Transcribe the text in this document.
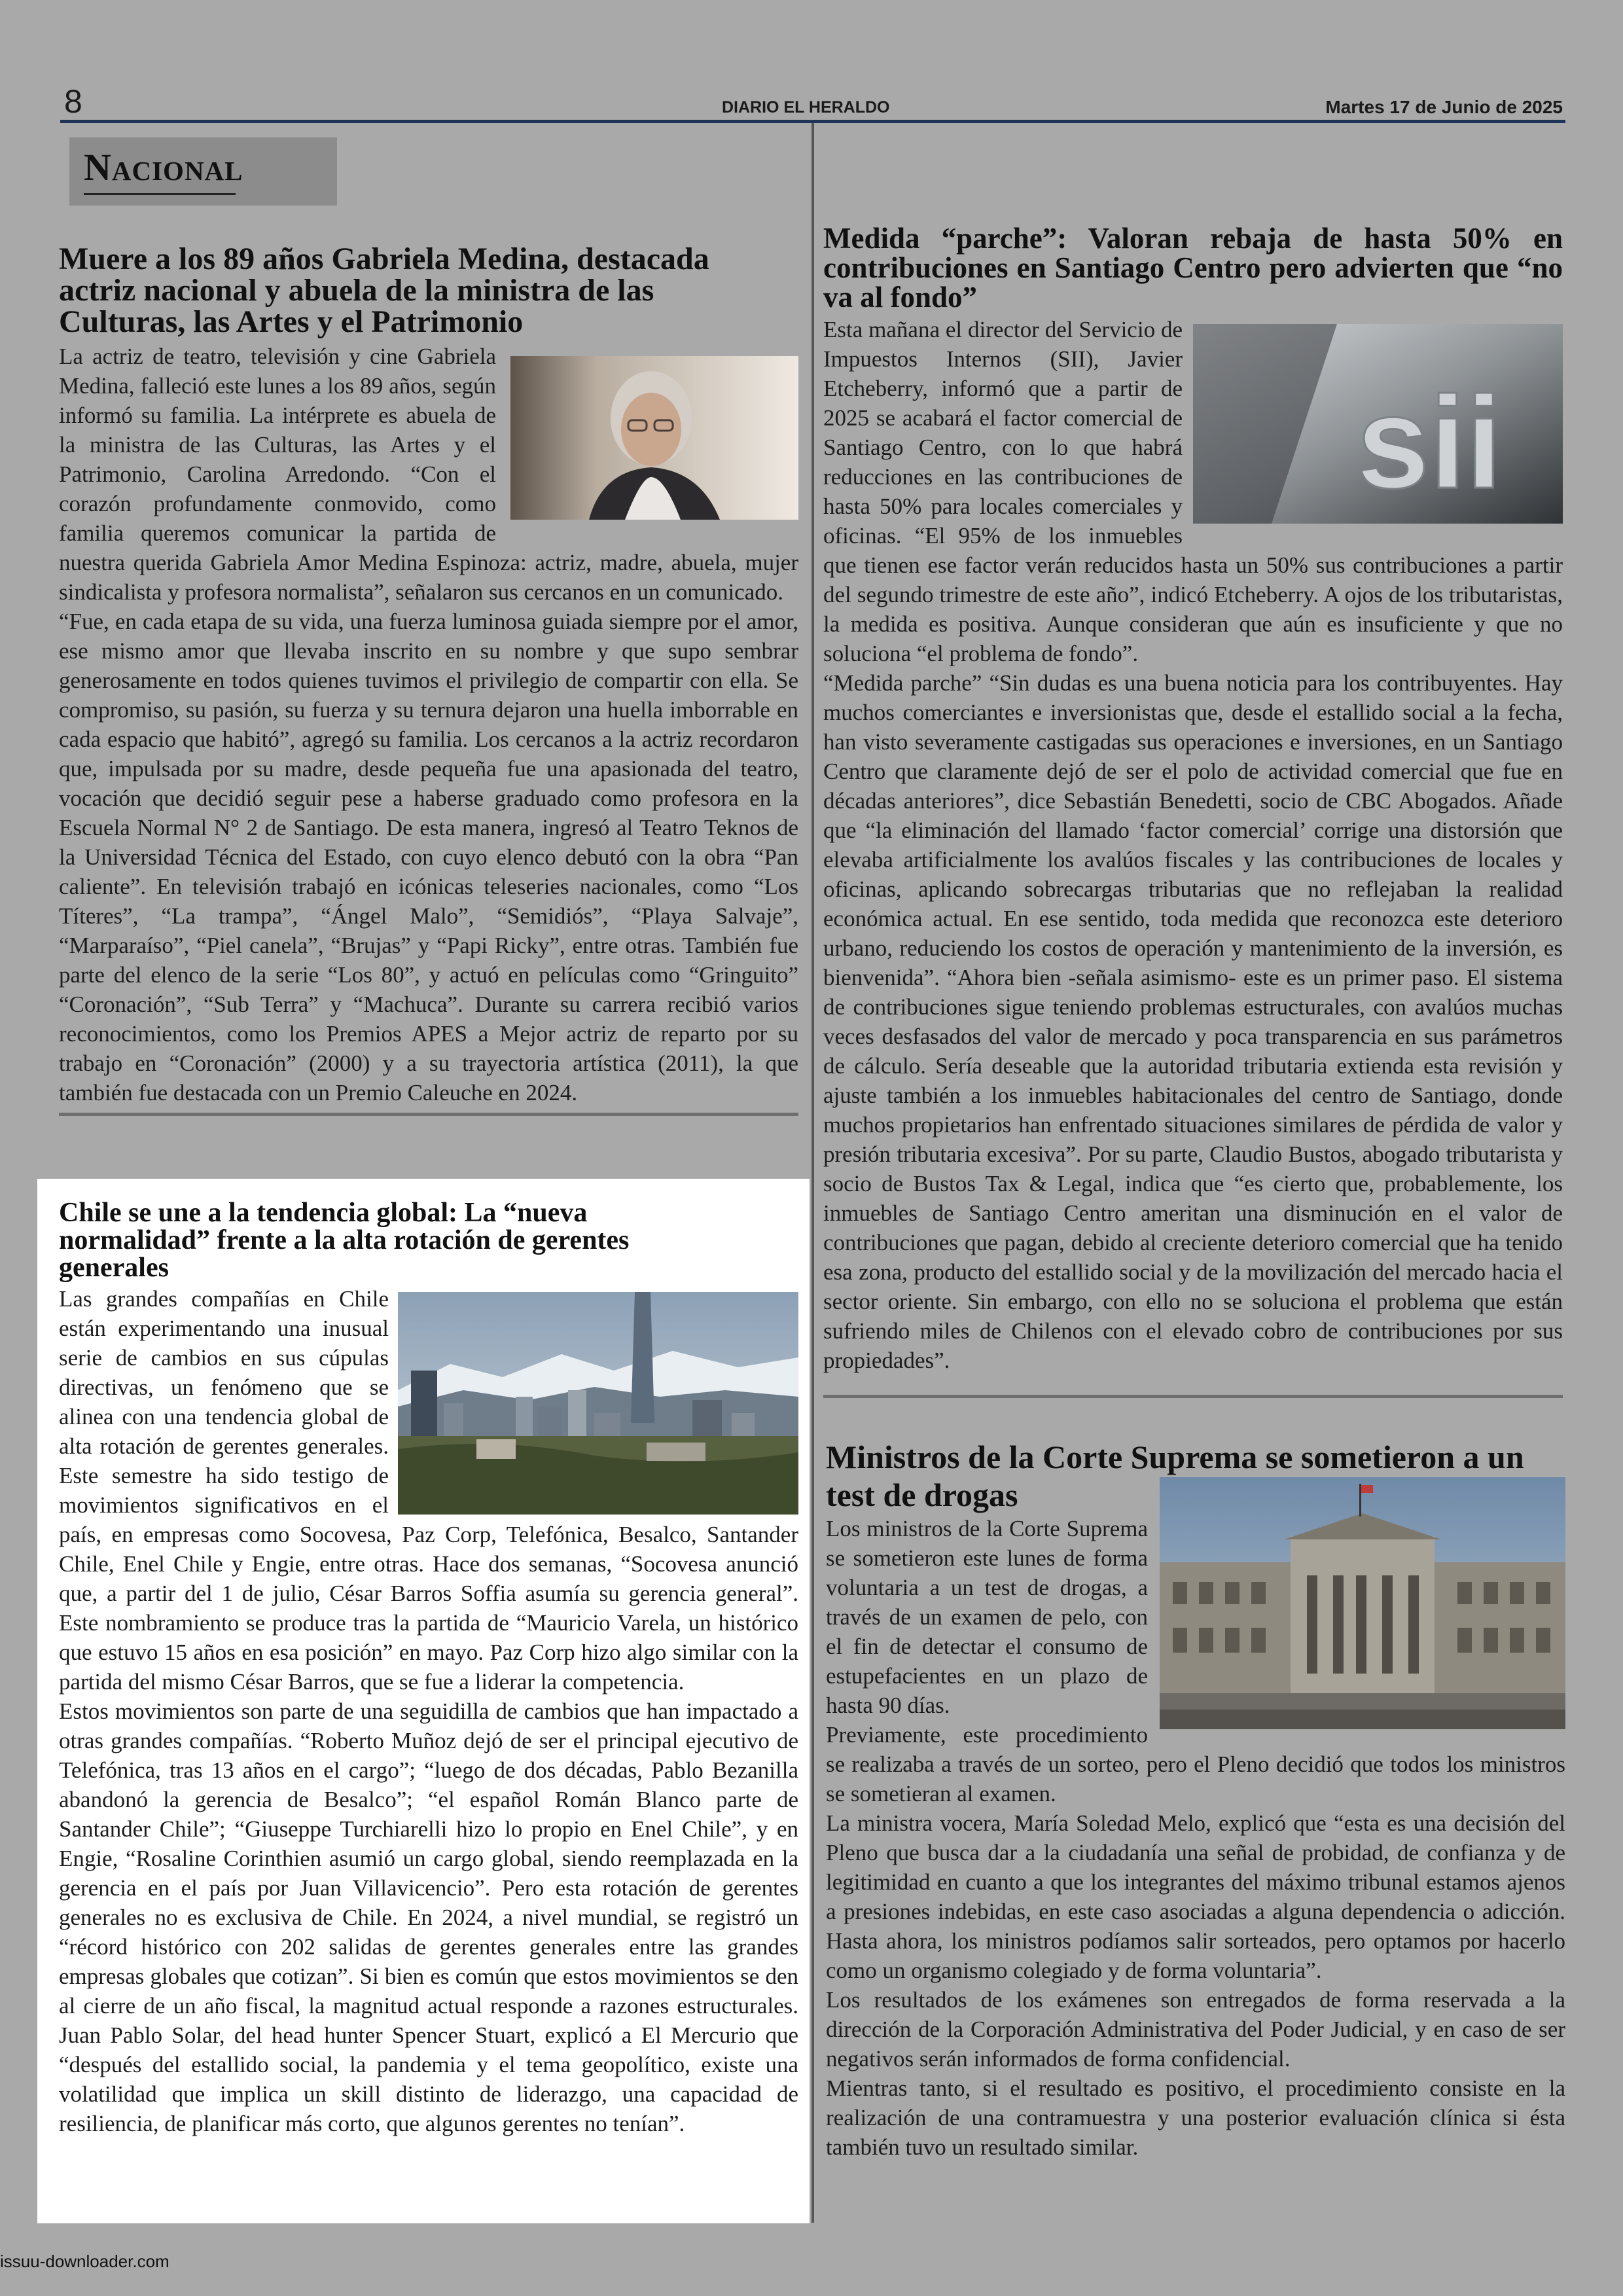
8	DIARIO EL HERALDO	Martes 17 de Junio de 2025
Nacional
Muere a los 89 años Gabriela Medina, destacada actriz nacional y abuela de la ministra de las Culturas, las Artes y el Patrimonio

La actriz de teatro, televisión y cine Gabriela Medina, falleció este lunes a los 89 años, según informó su familia. La intérprete es abuela de la ministra de las Culturas, las Artes y el Patrimonio, Carolina Arredondo. “Con el corazón profundamente conmovido, como familia queremos comunicar la partida de nuestra querida Gabriela Amor Medina Espinoza: actriz, madre, abuela, mujer sindicalista y profesora normalista”, señalaron sus cercanos en un comunicado.

“Fue, en cada etapa de su vida, una fuerza luminosa guiada siempre por el amor, ese mismo amor que llevaba inscrito en su nombre y que supo sembrar generosamente en todos quienes tuvimos el privilegio de compartir con ella. Se compromiso, su pasión, su fuerza y su ternura dejaron una huella imborrable en cada espacio que habitó”, agregó su familia. Los cercanos a la actriz recordaron que, impulsada por su madre, desde pequeña fue una apasionada del teatro, vocación que decidió seguir pese a haberse graduado como profesora en la Escuela Normal N° 2 de Santiago. De esta manera, ingresó al Teatro Teknos de la Universidad Técnica del Estado, con cuyo elenco debutó con la obra “Pan caliente”. En televisión trabajó en icónicas teleseries nacionales, como “Los Títeres”, “La trampa”, “Ángel Malo”, “Semidiós”, “Playa Salvaje”, “Marparaíso”, “Piel canela”, “Brujas” y “Papi Ricky”, entre otras. También fue parte del elenco de la serie “Los 80”, y actuó en películas como “Gringuito” “Coronación”, “Sub Terra” y “Machuca”. Durante su carrera recibió varios reconocimientos, como los Premios APES a Mejor actriz de reparto por su trabajo en “Coronación” (2000) y a su trayectoria artística (2011), la que también fue destacada con un Premio Caleuche en 2024.

Chile se une a la tendencia global: La “nueva normalidad” frente a la alta rotación de gerentes generales

Las grandes compañías en Chile están experimentando una inusual serie de cambios en sus cúpulas directivas, un fenómeno que se alinea con una tendencia global de alta rotación de gerentes generales. Este semestre ha sido testigo de movimientos significativos en el país, en empresas como Socovesa, Paz Corp, Telefónica, Besalco, Santander Chile, Enel Chile y Engie, entre otras. Hace dos semanas, “Socovesa anunció que, a partir del 1 de julio, César Barros Soffia asumía su gerencia general”. Este nombramiento se produce tras la partida de “Mauricio Varela, un histórico que estuvo 15 años en esa posición” en mayo. Paz Corp hizo algo similar con la partida del mismo César Barros, que se fue a liderar la competencia.

Estos movimientos son parte de una seguidilla de cambios que han impactado a otras grandes compañías. “Roberto Muñoz dejó de ser el principal ejecutivo de Telefónica, tras 13 años en el cargo”; “luego de dos décadas, Pablo Bezanilla abandonó la gerencia de Besalco”; “el español Román Blanco parte de Santander Chile”; “Giuseppe Turchiarelli hizo lo propio en Enel Chile”, y en Engie, “Rosaline Corinthien asumió un cargo global, siendo reemplazada en la gerencia en el país por Juan Villavicencio”. Pero esta rotación de gerentes generales no es exclusiva de Chile. En 2024, a nivel mundial, se registró un “récord histórico con 202 salidas de gerentes generales entre las grandes empresas globales que cotizan”. Si bien es común que estos movimientos se den al cierre de un año fiscal, la magnitud actual responde a razones estructurales. Juan Pablo Solar, del head hunter Spencer Stuart, explicó a El Mercurio que “después del estallido social, la pandemia y el tema geopolítico, existe una volatilidad que implica un skill distinto de liderazgo, una capacidad de resiliencia, de planificar más corto, que algunos gerentes no tenían”.

Medida “parche”: Valoran rebaja de hasta 50% en contribuciones en Santiago Centro pero advierten que “no va al fondo”
sii

Esta mañana el director del Servicio de Impuestos Internos (SII), Javier Etcheberry, informó que a partir de 2025 se acabará el factor comercial de Santiago Centro, con lo que habrá reducciones en las contribuciones de hasta 50% para locales comerciales y oficinas. “El 95% de los inmuebles que tienen ese factor verán reducidos hasta un 50% sus contribuciones a partir del segundo trimestre de este año”, indicó Etcheberry. A ojos de los tributaristas, la medida es positiva. Aunque consideran que aún es insuficiente y que no soluciona “el problema de fondo”.

“Medida parche” “Sin dudas es una buena noticia para los contribuyentes. Hay muchos comerciantes e inversionistas que, desde el estallido social a la fecha, han visto severamente castigadas sus operaciones e inversiones, en un Santiago Centro que claramente dejó de ser el polo de actividad comercial que fue en décadas anteriores”, dice Sebastián Benedetti, socio de CBC Abogados. Añade que “la eliminación del llamado ‘factor comercial’ corrige una distorsión que elevaba artificialmente los avalúos fiscales y las contribuciones de locales y oficinas, aplicando sobrecargas tributarias que no reflejaban la realidad económica actual. En ese sentido, toda medida que reconozca este deterioro urbano, reduciendo los costos de operación y mantenimiento de la inversión, es bienvenida”. “Ahora bien -señala asimismo- este es un primer paso. El sistema de contribuciones sigue teniendo problemas estructurales, con avalúos muchas veces desfasados del valor de mercado y poca transparencia en sus parámetros de cálculo. Sería deseable que la autoridad tributaria extienda esta revisión y ajuste también a los inmuebles habitacionales del centro de Santiago, donde muchos propietarios han enfrentado situaciones similares de pérdida de valor y presión tributaria excesiva”. Por su parte, Claudio Bustos, abogado tributarista y socio de Bustos Tax & Legal, indica que “es cierto que, probablemente, los inmuebles de Santiago Centro ameritan una disminución en el valor de contribuciones que pagan, debido al creciente deterioro comercial que ha tenido esa zona, producto del estallido social y de la movilización del mercado hacia el sector oriente. Sin embargo, con ello no se soluciona el problema que están sufriendo miles de Chilenos con el elevado cobro de contribuciones por sus propiedades”.

Ministros de la Corte Suprema se sometieron a un test de drogas

Los ministros de la Corte Suprema se sometieron este lunes de forma voluntaria a un test de drogas, a través de un examen de pelo, con el fin de detectar el consumo de estupefacientes en un plazo de hasta 90 días.

Previamente, este procedimiento se realizaba a través de un sorteo, pero el Pleno decidió que todos los ministros se sometieran al examen.

La ministra vocera, María Soledad Melo, explicó que “esta es una decisión del Pleno que busca dar a la ciudadanía una señal de probidad, de confianza y de legitimidad en cuanto a que los integrantes del máximo tribunal estamos ajenos a presiones indebidas, en este caso asociadas a alguna dependencia o adicción. Hasta ahora, los ministros podíamos salir sorteados, pero optamos por hacerlo como un organismo colegiado y de forma voluntaria”.

Los resultados de los exámenes son entregados de forma reservada a la dirección de la Corporación Administrativa del Poder Judicial, y en caso de ser negativos serán informados de forma confidencial.

Mientras tanto, si el resultado es positivo, el procedimiento consiste en la realización de una contramuestra y una posterior evaluación clínica si ésta también tuvo un resultado similar.

issuu-downloader.com
